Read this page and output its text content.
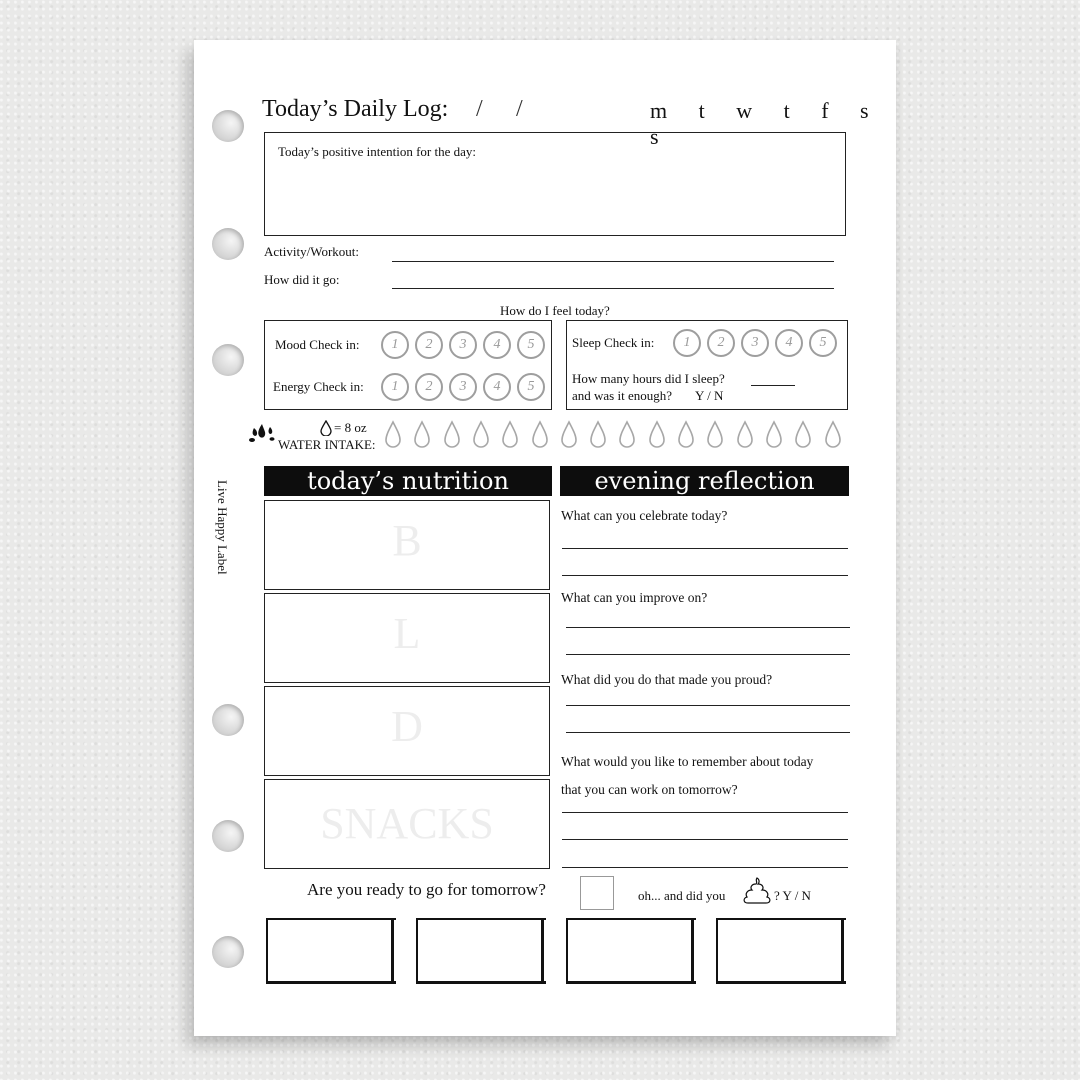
Live Happy Label
Today’s Daily Log: / /	m t w t f s s
Today’s positive intention for the day:
Activity/Workout:
How did it go:
How do I feel today?
Mood Check in:	1 2 3 4 5
Energy Check in:	1 2 3 4 5
Sleep Check in:	1 2 3 4 5
How many hours did I sleep?
and was it enough? Y / N
= 8 oz
WATER INTAKE:
today’s nutrition	evening reflection
B
L
D
SNACKS
What can you celebrate today?
What can you improve on?
What did you do that made you proud?
What would you like to remember about today
that you can work on tomorrow?
Are you ready to go for tomorrow?	oh... and did you	? Y / N
